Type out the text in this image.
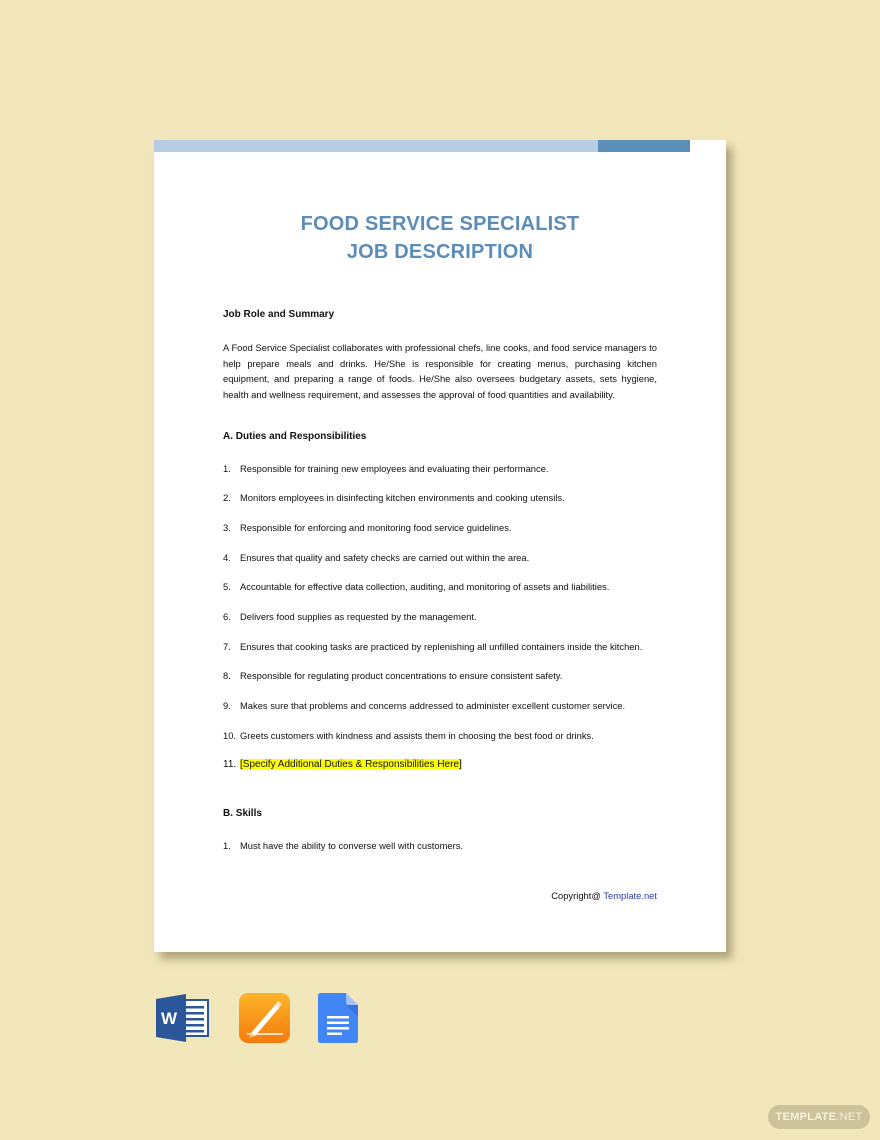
FOOD SERVICE SPECIALIST
JOB DESCRIPTION
Job Role and Summary
A Food Service Specialist collaborates with professional chefs, line cooks, and food service managers to help prepare meals and drinks. He/She is responsible for creating menus, purchasing kitchen equipment, and preparing a range of foods. He/She also oversees budgetary assets, sets hygiene, health and wellness requirement, and assesses the approval of food quantities and availability.
A. Duties and Responsibilities
1. Responsible for training new employees and evaluating their performance.
2. Monitors employees in disinfecting kitchen environments and cooking utensils.
3. Responsible for enforcing and monitoring food service guidelines.
4. Ensures that quality and safety checks are carried out within the area.
5. Accountable for effective data collection, auditing, and monitoring of assets and liabilities.
6. Delivers food supplies as requested by the management.
7. Ensures that cooking tasks are practiced by replenishing all unfilled containers inside the kitchen.
8. Responsible for regulating product concentrations to ensure consistent safety.
9. Makes sure that problems and concerns addressed to administer excellent customer service.
10. Greets customers with kindness and assists them in choosing the best food or drinks.
11. [Specify Additional Duties & Responsibilities Here]
B. Skills
1. Must have the ability to converse well with customers.
Copyright@ Template.net
W
TEMPLATE.NET
